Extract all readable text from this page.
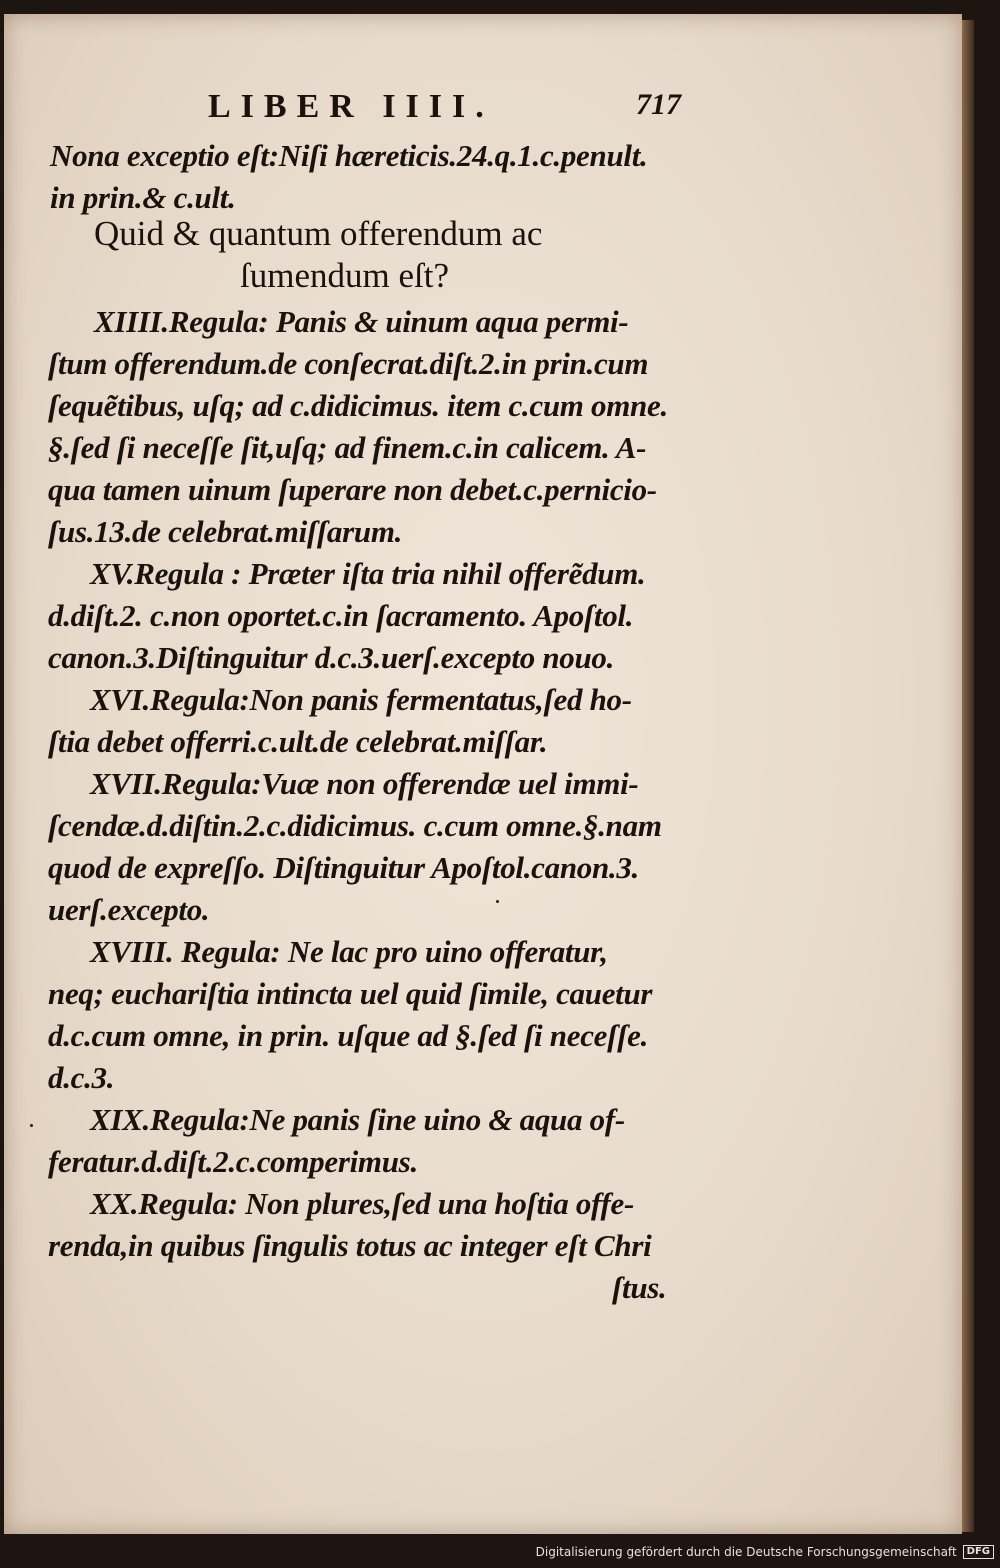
LIBER IIII.	717
Nona exceptio eſt:Niſi hæreticis.24.q.1.c.penult.
in prin.& c.ult.
Quid & quantum offerendum ac
ſumendum eſt?
XIIII.Regula: Panis & uinum aqua permi-
ſtum offerendum.de conſecrat.diſt.2.in prin.cum
ſequẽtibus, uſq; ad c.didicimus. item c.cum omne.
§.ſed ſi neceſſe ſit,uſq; ad finem.c.in calicem. A-
qua tamen uinum ſuperare non debet.c.pernicio-
ſus.13.de celebrat.miſſarum.
XV.Regula : Præter iſta tria nihil offerẽdum.
d.diſt.2. c.non oportet.c.in ſacramento. Apoſtol.
canon.3.Diſtinguitur d.c.3.uerſ.excepto nouo.
XVI.Regula:Non panis fermentatus,ſed ho-
ſtia debet offerri.c.ult.de celebrat.miſſar.
XVII.Regula:Vuæ non offerendæ uel immi-
ſcendæ.d.diſtin.2.c.didicimus. c.cum omne.§.nam
quod de expreſſo. Diſtinguitur Apoſtol.canon.3.
uerſ.excepto.
XVIII. Regula: Ne lac pro uino offeratur,
neq; euchariſtia intincta uel quid ſimile, cauetur
d.c.cum omne, in prin. uſque ad §.ſed ſi neceſſe.
d.c.3.
XIX.Regula:Ne panis ſine uino & aqua of-
feratur.d.diſt.2.c.comperimus.
XX.Regula: Non plures,ſed una hoſtia offe-
renda,in quibus ſingulis totus ac integer eſt Chri
ſtus.
Digitalisierung gefördert durch die Deutsche Forschungsgemeinschaft	DFG
